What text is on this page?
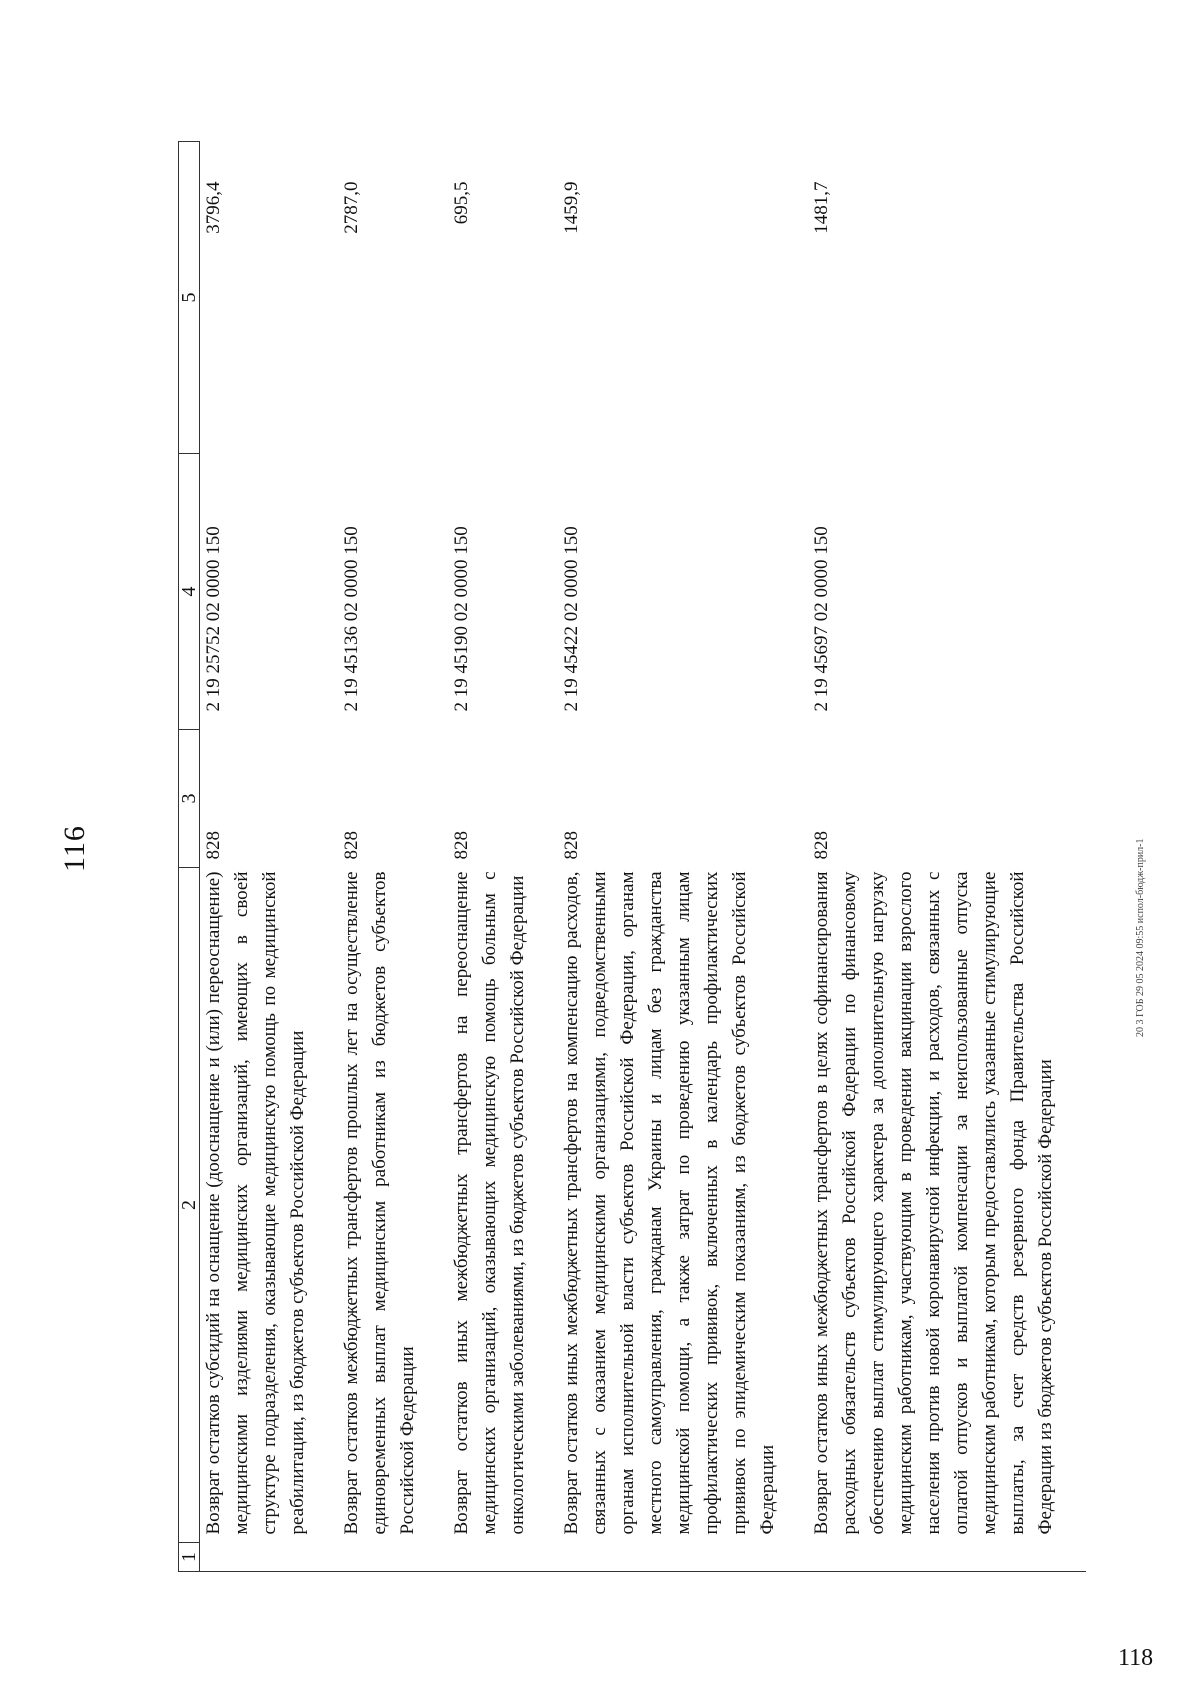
116
1	2	3	4	5
	Возврат остатков субсидий на оснащение (дооснащение и (или) переоснащение) медицинскими изделиями медицинских организаций, имеющих в своей структуре подразделения, оказывающие медицинскую помощь по медицинской реабилитации, из бюджетов субъектов Российской Федерации	828	2 19 25752 02 0000 150	3796,4
	Возврат остатков межбюджетных трансфертов прошлых лет на осуществление единовременных выплат медицинским работникам из бюджетов субъектов Российской Федерации	828	2 19 45136 02 0000 150	2787,0
	Возврат остатков иных межбюджетных трансфертов на переоснащение медицинских организаций, оказывающих медицинскую помощь больным с онкологическими заболеваниями, из бюджетов субъектов Российской Федерации	828	2 19 45190 02 0000 150	695,5
	Возврат остатков иных межбюджетных трансфертов на компенсацию расходов, связанных с оказанием медицинскими организациями, подведомственными органам исполнительной власти субъектов Российской Федерации, органам местного самоуправления, гражданам Украины и лицам без гражданства медицинской помощи, а также затрат по проведению указанным лицам профилактических прививок, включенных в календарь профилактических прививок по эпидемическим показаниям, из бюджетов субъектов Российской Федерации	828	2 19 45422 02 0000 150	1459,9
	Возврат остатков иных межбюджетных трансфертов в целях софинансирования расходных обязательств субъектов Российской Федерации по финансовому обеспечению выплат стимулирующего характера за дополнительную нагрузку медицинским работникам, участвующим в проведении вакцинации взрослого населения против новой коронавирусной инфекции, и расходов, связанных с оплатой отпусков и выплатой компенсации за неиспользованные отпуска медицинским работникам, которым предоставлялись указанные стимулирующие выплаты, за счет средств резервного фонда Правительства Российской Федерации из бюджетов субъектов Российской Федерации	828	2 19 45697 02 0000 150	1481,7
20 3 ГОБ 29 05 2024 09:55 испол-бюдж-прил-1
118
